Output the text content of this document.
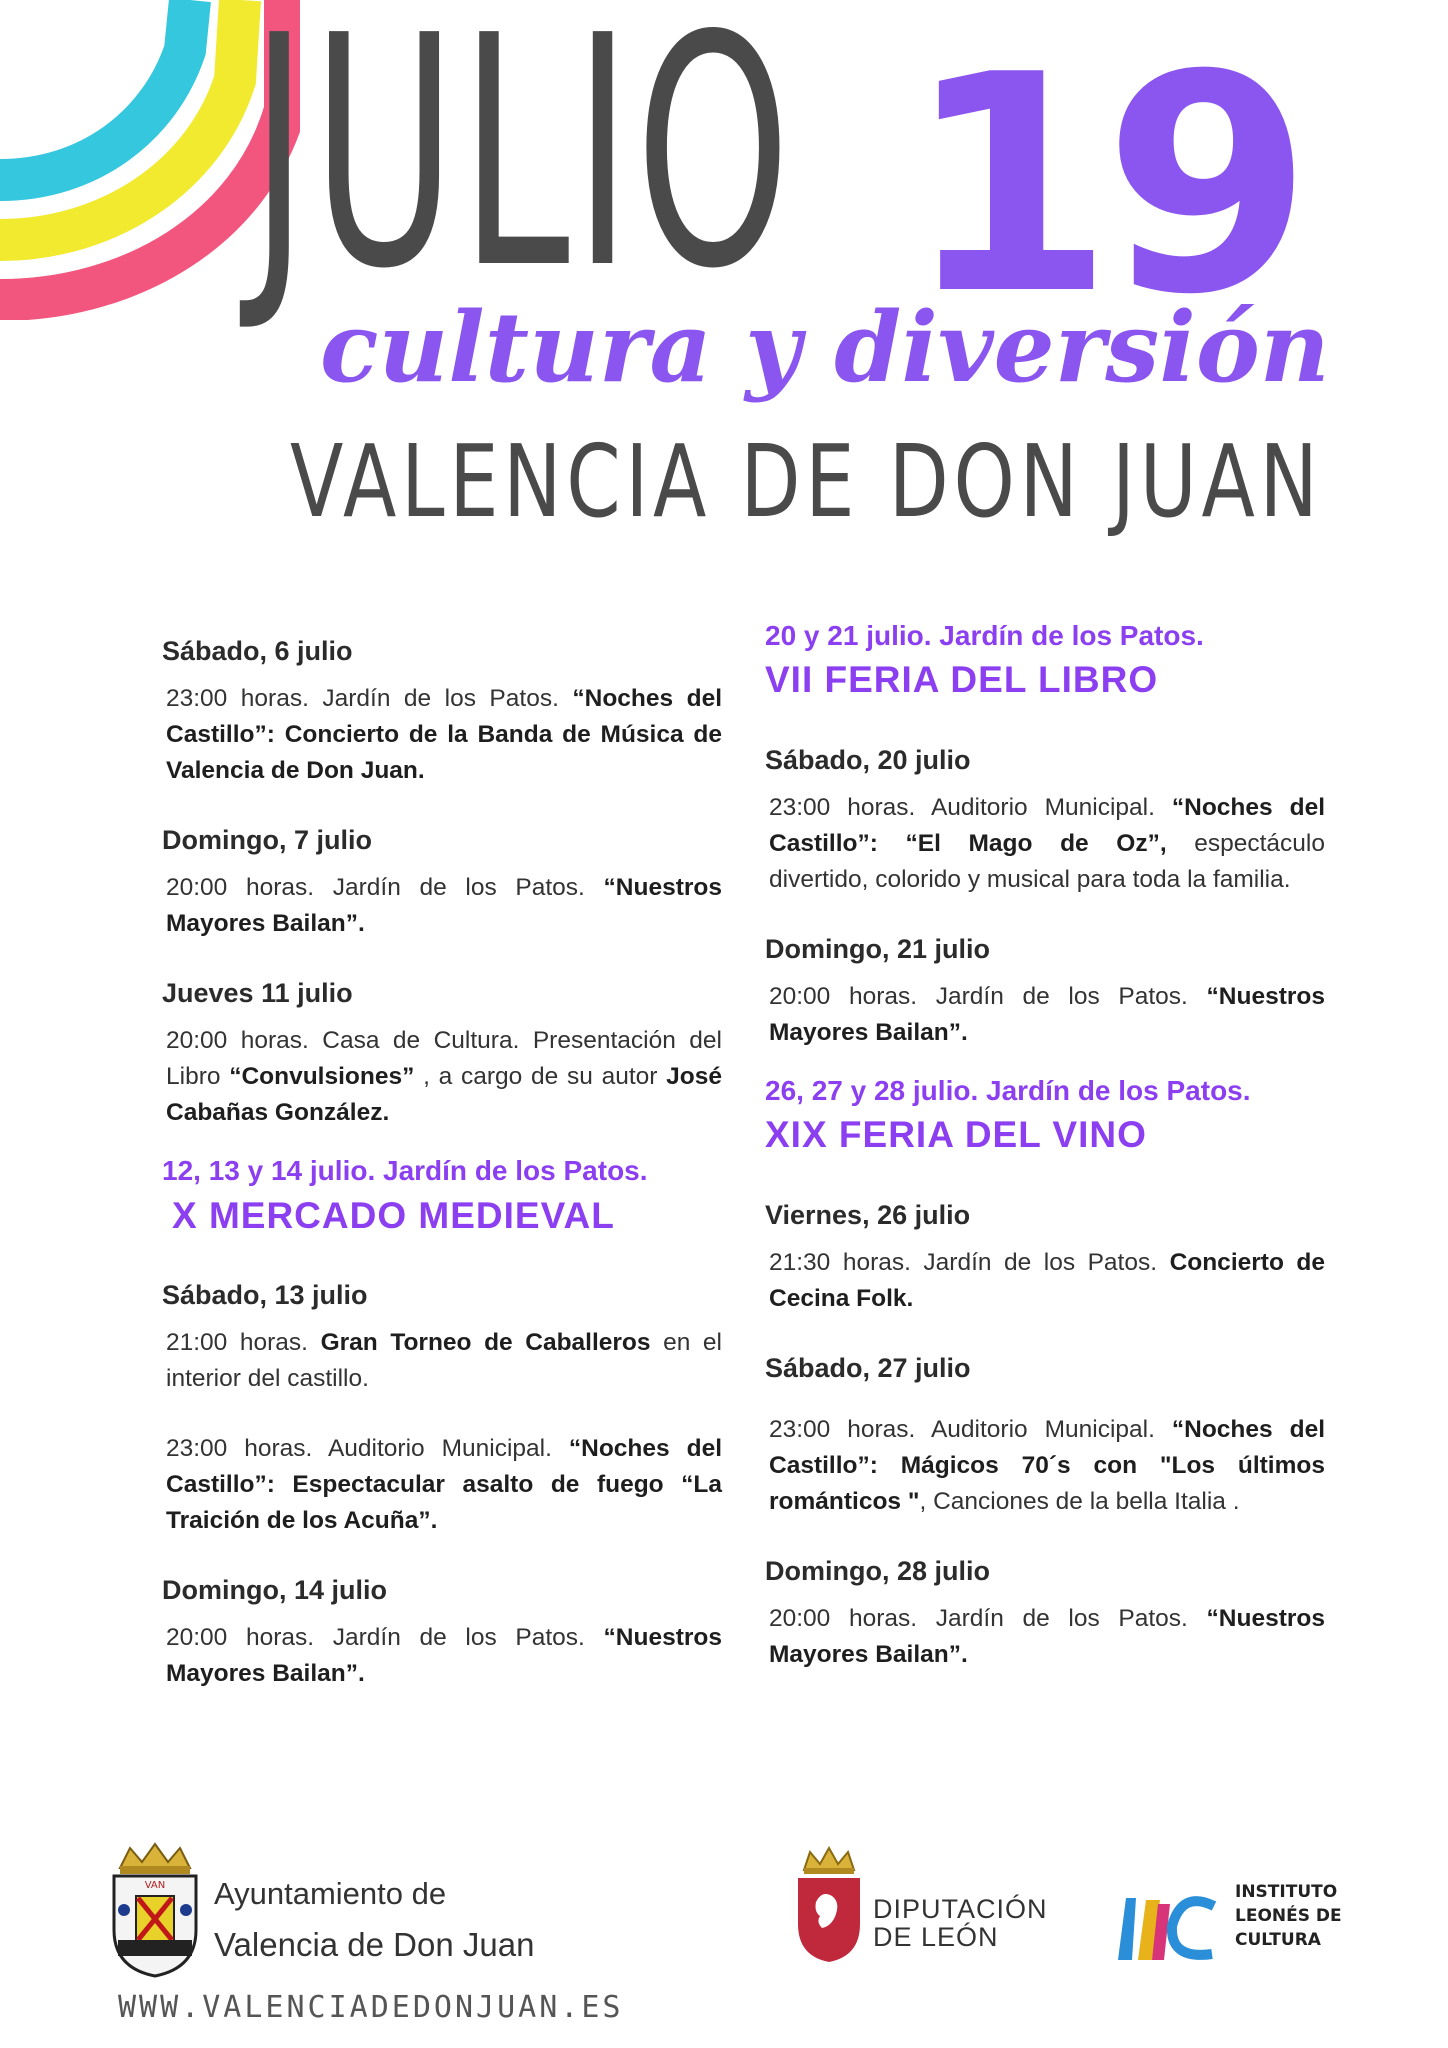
JULIO 19
cultura y diversión
VALENCIA DE DON JUAN

Sábado, 6 julio

23:00 horas. Jardín de los Patos. “Noches del Castillo”: Concierto de la Banda de Música de Valencia de Don Juan.

Domingo, 7 julio

20:00 horas. Jardín de los Patos. “Nuestros Mayores Bailan”.

Jueves 11 julio

20:00 horas. Casa de Cultura. Presentación del Libro “Convulsiones” , a cargo de su autor José Cabañas González.

12, 13 y 14 julio. Jardín de los Patos.

X MERCADO MEDIEVAL

Sábado, 13 julio

21:00 horas. Gran Torneo de Caballeros en el interior del castillo.

23:00 horas. Auditorio Municipal. “Noches del Castillo”: Espectacular asalto de fuego “La Traición de los Acuña”.

Domingo, 14 julio

20:00 horas. Jardín de los Patos. “Nuestros Mayores Bailan”.

20 y 21 julio. Jardín de los Patos.

VII FERIA DEL LIBRO

Sábado, 20 julio

23:00 horas. Auditorio Municipal. “Noches del Castillo”: “El Mago de Oz”, espectáculo divertido, colorido y musical para toda la familia.

Domingo, 21 julio

20:00 horas. Jardín de los Patos. “Nuestros Mayores Bailan”.

26, 27 y 28 julio. Jardín de los Patos.

XIX FERIA DEL VINO

Viernes, 26 julio

21:30 horas. Jardín de los Patos. Concierto de Cecina Folk.

Sábado, 27 julio

23:00 horas. Auditorio Municipal. “Noches del Castillo”: Mágicos 70´s con "Los últimos románticos ", Canciones de la bella Italia .

Domingo, 28 julio

20:00 horas. Jardín de los Patos. “Nuestros Mayores Bailan”.

VAN Ayuntamiento de
Valencia de Don Juan
WWW.VALENCIADEDONJUAN.ES
DIPUTACIÓN
DE LEÓN
INSTITUTO
LEONÉS DE
CULTURA
